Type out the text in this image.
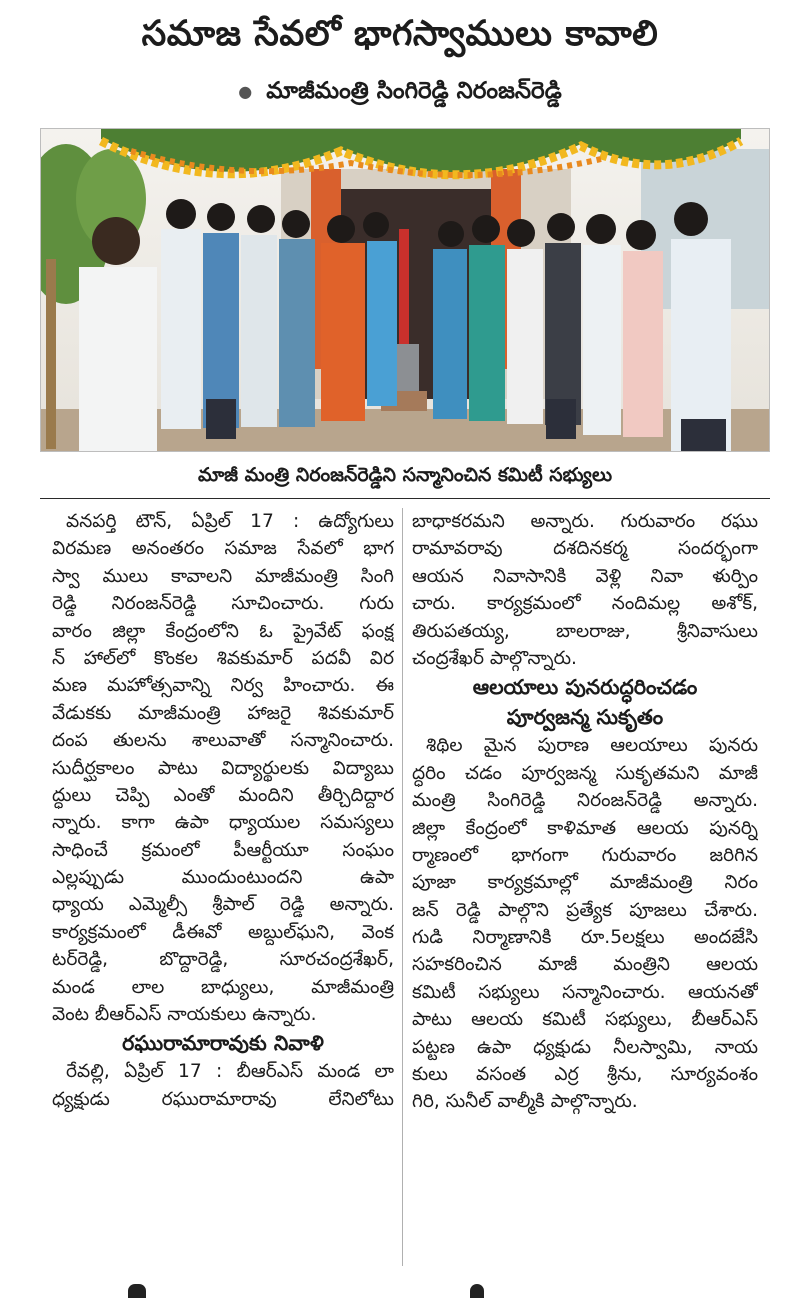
సమాజ సేవలో భాగస్వాములు కావాలి
● మాజీమంత్రి సింగిరెడ్డి నిరంజన్‌రెడ్డి
మాజీ మంత్రి నిరంజన్‌రెడ్డిని సన్మానించిన కమిటీ సభ్యులు
వనపర్తి టౌన్, ఏప్రిల్ 17 : ఉద్యోగులు
విరమణ అనంతరం సమాజ సేవలో భాగ
స్వా ములు కావాలని మాజీమంత్రి సింగి
రెడ్డి నిరంజన్‌రెడ్డి సూచించారు. గురు
వారం జిల్లా కేంద్రంలోని ఓ ప్రైవేట్ ఫంక్ష
న్ హాల్‌లో కొంకల శివకుమార్ పదవీ విర
మణ మహోత్సవాన్ని నిర్వ హించారు. ఈ
వేడుకకు మాజీమంత్రి హాజరై శివకుమార్
దంప తులను శాలువాతో సన్మానించారు.
సుదీర్ఘకాలం పాటు విద్యార్థులకు విద్యాబు
ద్ధులు చెప్పి ఎంతో మందిని తీర్చిదిద్దార
న్నారు. కాగా ఉపా ధ్యాయుల సమస్యలు
సాధించే క్రమంలో పీఆర్టీయూ సంఘం
ఎల్లప్పుడు ముందుంటుందని ఉపా
ధ్యాయ ఎమ్మెల్సీ శ్రీపాల్ రెడ్డి అన్నారు.
కార్యక్రమంలో డీఈవో అబ్దుల్‌ఘని, వెంక
టర్‌రెడ్డి, బొద్దారెడ్డి, సూరచంద్రశేఖర్,
మండ లాల బాధ్యులు, మాజీమంత్రి
వెంట బీఆర్ఎస్ నాయకులు ఉన్నారు.
రఘురామారావుకు నివాళి
రేవల్లి, ఏప్రిల్ 17 : బీఆర్ఎస్ మండ లా
ధ్యక్షుడు రఘురామారావు లేనిలోటు
బాధాకరమని అన్నారు. గురువారం రఘు
రామావరావు దశదినకర్మ సందర్భంగా
ఆయన నివాసానికి వెళ్లి నివా ళుర్పిం
చారు. కార్యక్రమంలో నందిమల్ల అశోక్,
తిరుపతయ్య, బాలరాజు, శ్రీనివాసులు
చంద్రశేఖర్ పాల్గొన్నారు.
ఆలయాలు పునరుద్ధరించడం
పూర్వజన్మ సుకృతం
శిథిల మైన పురాణ ఆలయాలు పునరు
ద్ధరిం చడం పూర్వజన్మ సుకృతమని మాజీ
మంత్రి సింగిరెడ్డి నిరంజన్‌రెడ్డి అన్నారు.
జిల్లా కేంద్రంలో కాళిమాత ఆలయ పునర్ని
ర్మాణంలో భాగంగా గురువారం జరిగిన
పూజా కార్యక్రమాల్లో మాజీమంత్రి నిరం
జన్ రెడ్డి పాల్గొని ప్రత్యేక పూజలు చేశారు.
గుడి నిర్మాణానికి రూ.5లక్షలు అందజేసి
సహకరించిన మాజీ మంత్రిని ఆలయ
కమిటీ సభ్యులు సన్మానించారు. ఆయనతో
పాటు ఆలయ కమిటీ సభ్యులు, బీఆర్ఎస్
పట్టణ ఉపా ధ్యక్షుడు నీలస్వామి, నాయ
కులు వసంత ఎర్ర శ్రీను, సూర్యవంశం
గిరి, సునీల్ వాల్మీకి పాల్గొన్నారు.
